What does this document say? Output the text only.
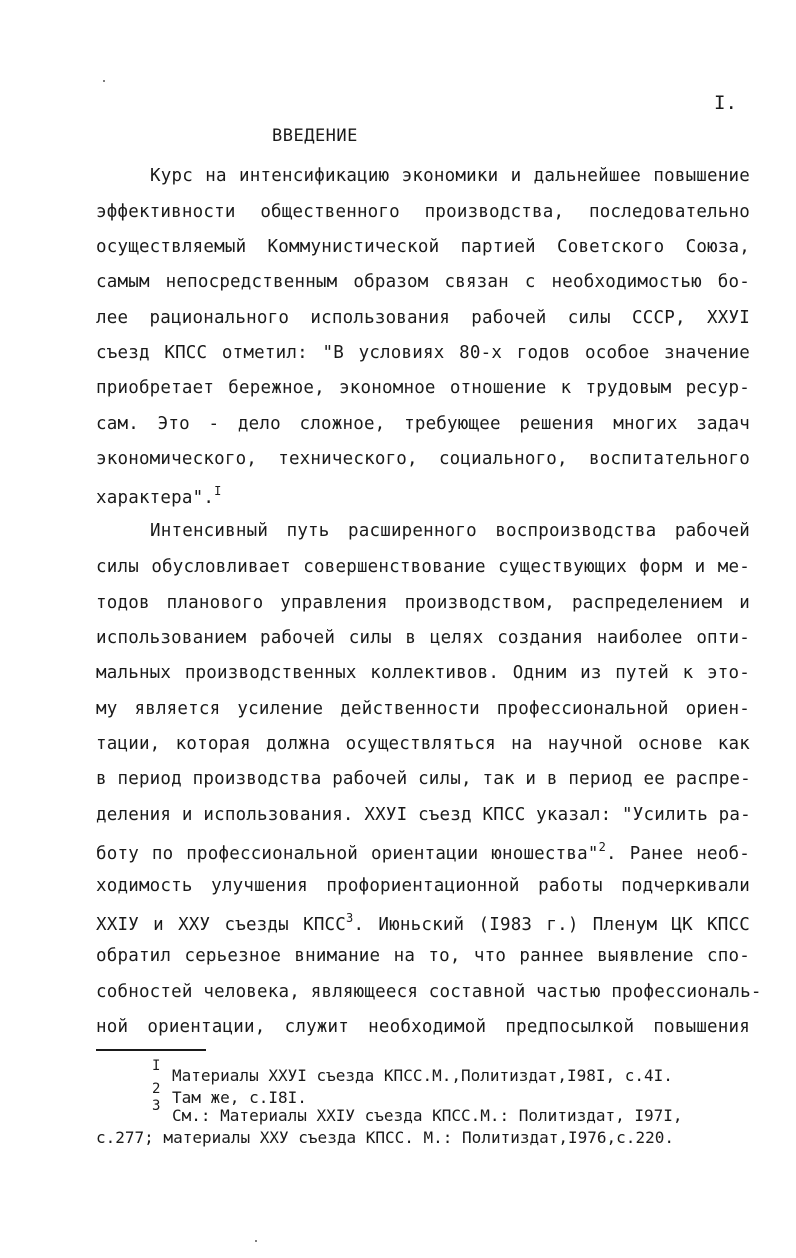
I.
ВВЕДЕНИЕ
Курс на интенсификацию экономики и дальнейшее повышение
эффективности общественного производства, последовательно
осуществляемый Коммунистической партией Советского Союза,
самым непосредственным образом связан с необходимостью бо-
лее рационального использования рабочей силы СССР, ХХУI
съезд КПСС отметил: "В условиях 80-х годов особое значение
приобретает бережное, экономное отношение к трудовым ресур-
сам. Это - дело сложное, требующее решения многих задач
экономического, технического, социального, воспитательного
характера".$^I$
Интенсивный путь расширенного воспроизводства рабочей
силы обусловливает совершенствование существующих форм и ме-
тодов планового управления производством, распределением и
использованием рабочей силы в целях создания наиболее опти-
мальных производственных коллективов. Одним из путей к это-
му является усиление действенности профессиональной ориен-
тации, которая должна осуществляться на научной основе как
в период производства рабочей силы, так и в период ее распре-
деления и использования. ХХУI съезд КПСС указал: "Усилить ра-
боту по профессиональной ориентации юношества"$^2$. Ранее необ-
ходимость улучшения профориентационной работы подчеркивали
ХХIУ и ХХУ съезды КПСС$^3$. Июньский (I983 г.) Пленум ЦК КПСС
обратил серьезное внимание на то, что раннее выявление спо-
собностей человека, являющееся составной частью профессиональ-
ной ориентации, служит необходимой предпосылкой повышения
I Материалы ХХУI съезда КПСС.М.,Политиздат,I98I, с.4I.
2 Там же, с.I8I.
3 См.: Материалы ХХIУ съезда КПСС.М.: Политиздат, I97I,
с.277; материалы ХХУ съезда КПСС. М.: Политиздат,I976,с.220.
